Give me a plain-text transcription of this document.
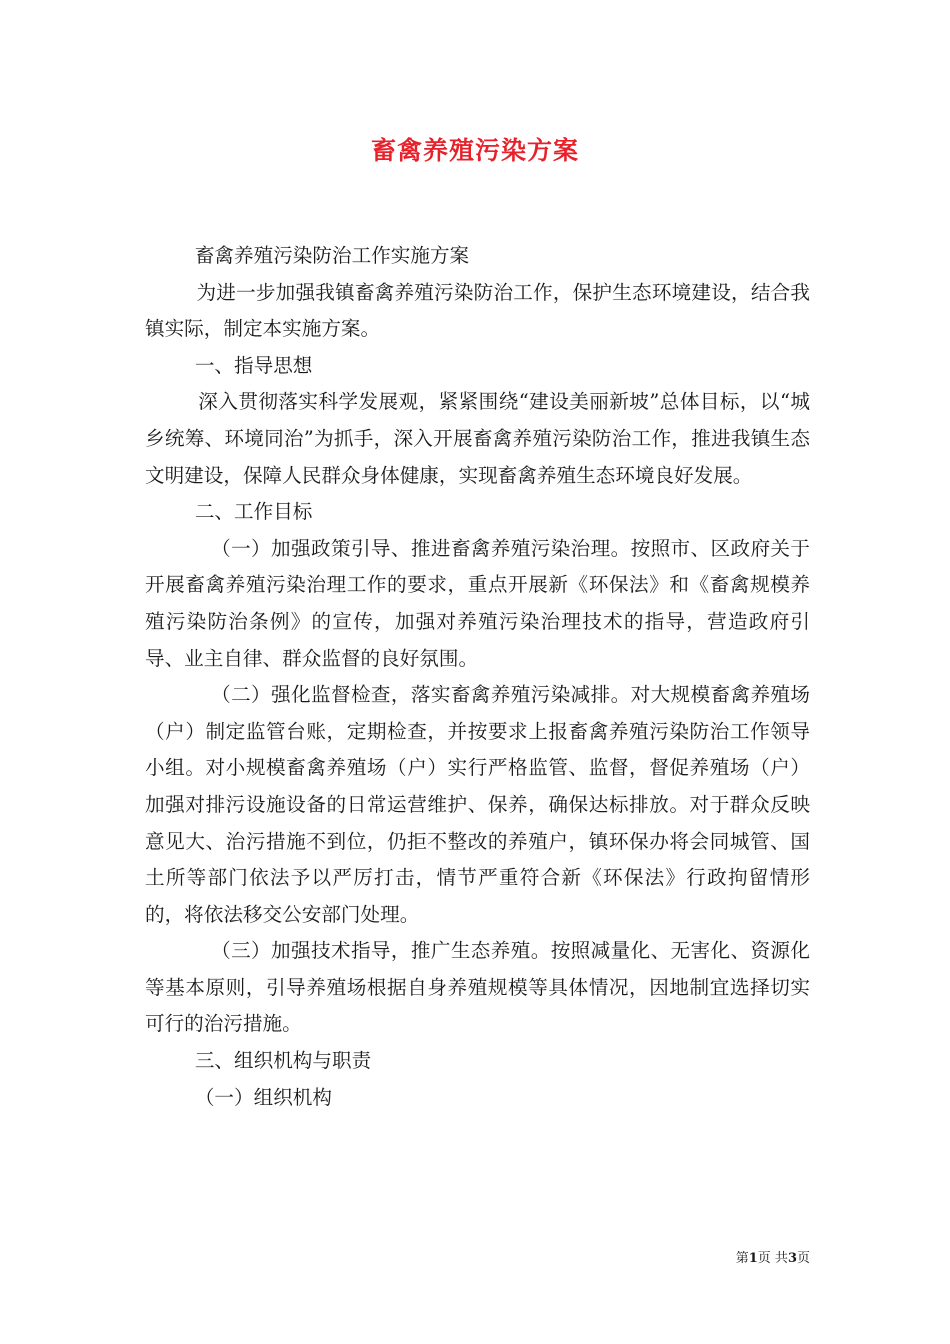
畜禽养殖污染方案

畜禽养殖污染防治工作实施方案

为进一步加强我镇畜禽养殖污染防治工作，保护生态环境建设，结合我镇实际，制定本实施方案。

一、指导思想

深入贯彻落实科学发展观，紧紧围绕“建设美丽新坡”总体目标，以“城乡统筹、环境同治”为抓手，深入开展畜禽养殖污染防治工作，推进我镇生态文明建设，保障人民群众身体健康，实现畜禽养殖生态环境良好发展。

二、工作目标

（一）加强政策引导、推进畜禽养殖污染治理。按照市、区政府关于开展畜禽养殖污染治理工作的要求，重点开展新《环保法》和《畜禽规模养殖污染防治条例》的宣传，加强对养殖污染治理技术的指导，营造政府引导、业主自律、群众监督的良好氛围。

（二）强化监督检查，落实畜禽养殖污染减排。对大规模畜禽养殖场（户）制定监管台账，定期检查，并按要求上报畜禽养殖污染防治工作领导小组。对小规模畜禽养殖场（户）实行严格监管、监督，督促养殖场（户）加强对排污设施设备的日常运营维护、保养，确保达标排放。对于群众反映意见大、治污措施不到位，仍拒不整改的养殖户，镇环保办将会同城管、国土所等部门依法予以严厉打击，情节严重符合新《环保法》行政拘留情形的，将依法移交公安部门处理。

（三）加强技术指导，推广生态养殖。按照减量化、无害化、资源化等基本原则，引导养殖场根据自身养殖规模等具体情况，因地制宜选择切实可行的治污措施。

三、组织机构与职责

（一）组织机构

第1页 共3页
